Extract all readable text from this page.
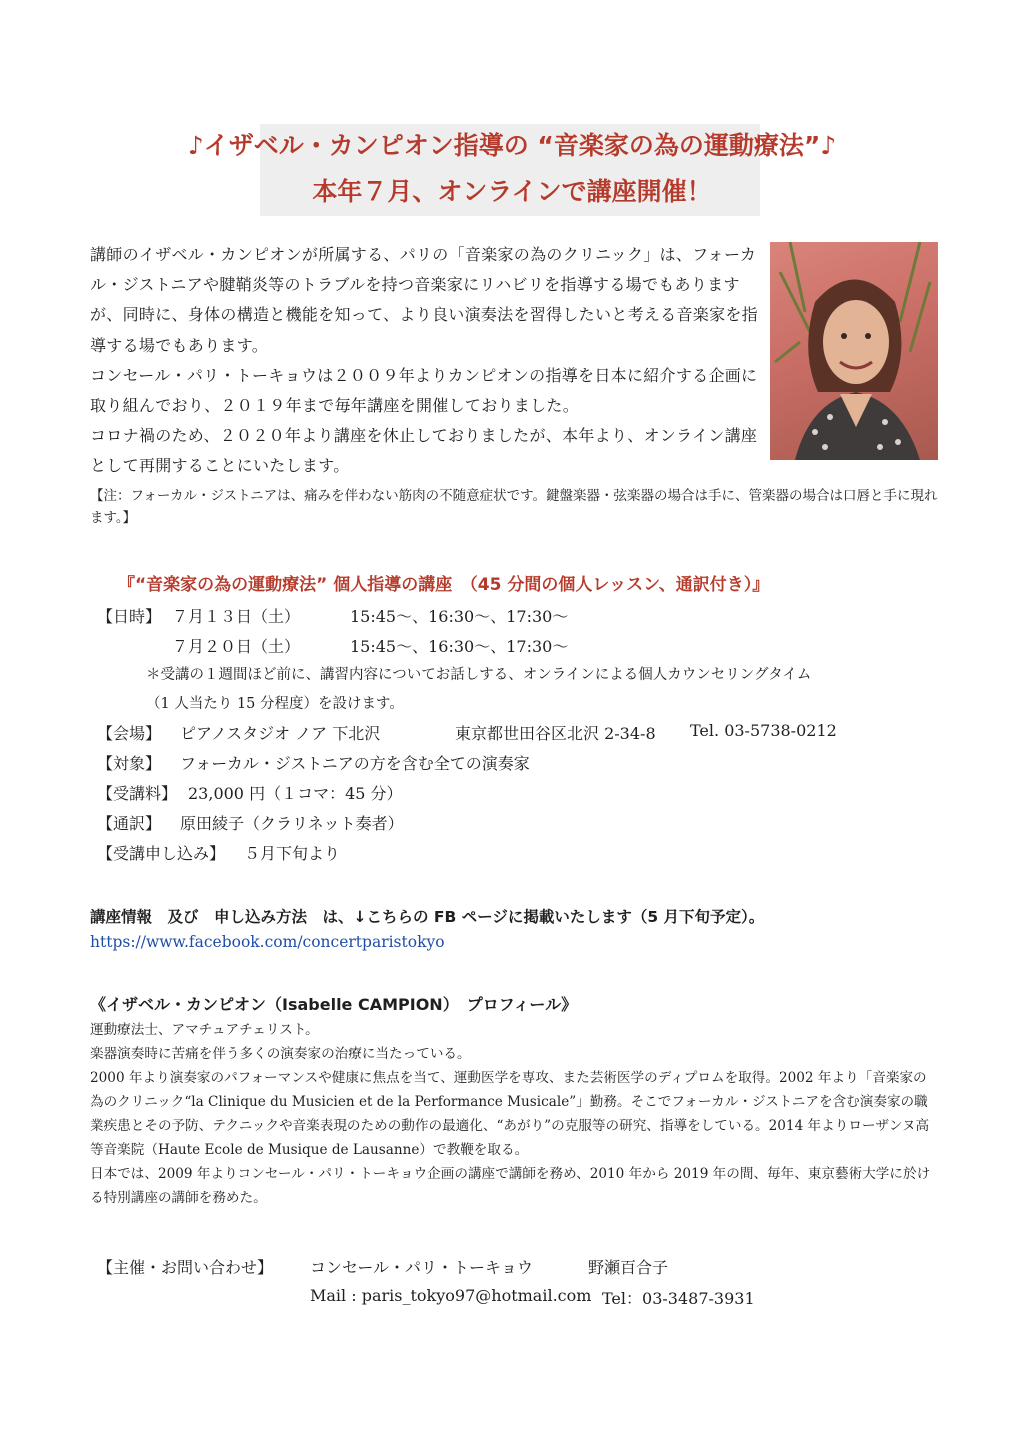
♪イザベル・カンピオン指導の “音楽家の為の運動療法”♪
本年７月、オンラインで講座開催！

講師のイザベル・カンピオンが所属する、パリの「音楽家の為のクリニック」は、フォーカル・ジストニアや腱鞘炎等のトラブルを持つ音楽家にリハビリを指導する場でもありますが、同時に、身体の構造と機能を知って、より良い演奏法を習得したいと考える音楽家を指導する場でもあります。

コンセール・パリ・トーキョウは２００９年よりカンピオンの指導を日本に紹介する企画に取り組んでおり、２０１９年まで毎年講座を開催しておりました。

コロナ禍のため、２０２０年より講座を休止しておりましたが、本年より、オンライン講座として再開することにいたします。

【注：フォーカル・ジストニアは、痛みを伴わない筋肉の不随意症状です。鍵盤楽器・弦楽器の場合は手に、管楽器の場合は口唇と手に現れます。】
『“音楽家の為の運動療法” 個人指導の講座　（45 分間の個人レッスン、通訳付き）』
【日時】 ７月１３日（土）	15:45～、16:30～、17:30～
７月２０日（土）	15:45～、16:30～、17:30～
＊受講の１週間ほど前に、講習内容についてお話しする、オンラインによる個人カウンセリングタイム
（1 人当たり 15 分程度）を設けます。
【会場】 ピアノスタジオ ノア 下北沢	東京都世田谷区北沢 2-34-8 Tel. 03-5738-0212
【対象】 フォーカル・ジストニアの方を含む全ての演奏家
【受講料】 23,000 円（１コマ：45 分）
【通訳】 原田綾子（クラリネット奏者）
【受講申し込み】 ５月下旬より
講座情報　及び　申し込み方法　は、↓こちらの FB ページに掲載いたします（5 月下旬予定）。
https://www.facebook.com/concertparistokyo
《イザベル・カンピオン（Isabelle CAMPION）　プロフィール》

運動療法士、アマチュアチェリスト。

楽器演奏時に苦痛を伴う多くの演奏家の治療に当たっている。

2000 年より演奏家のパフォーマンスや健康に焦点を当て、運動医学を専攻、また芸術医学のディプロムを取得。2002 年より「音楽家の為のクリニック“la Clinique du Musicien et de la Performance Musicale”」勤務。そこでフォーカル・ジストニアを含む演奏家の職業疾患とその予防、テクニックや音楽表現のための動作の最適化、“あがり”の克服等の研究、指導をしている。2014 年よりローザンヌ高等音楽院（Haute Ecole de Musique de Lausanne）で教鞭を取る。

日本では、2009 年よりコンセール・パリ・トーキョウ企画の講座で講師を務め、2010 年から 2019 年の間、毎年、東京藝術大学に於ける特別講座の講師を務めた。

【主催・お問い合わせ】 コンセール・パリ・トーキョウ	野瀬百合子
Mail : paris_tokyo97@hotmail.com Tel：03-3487-3931
